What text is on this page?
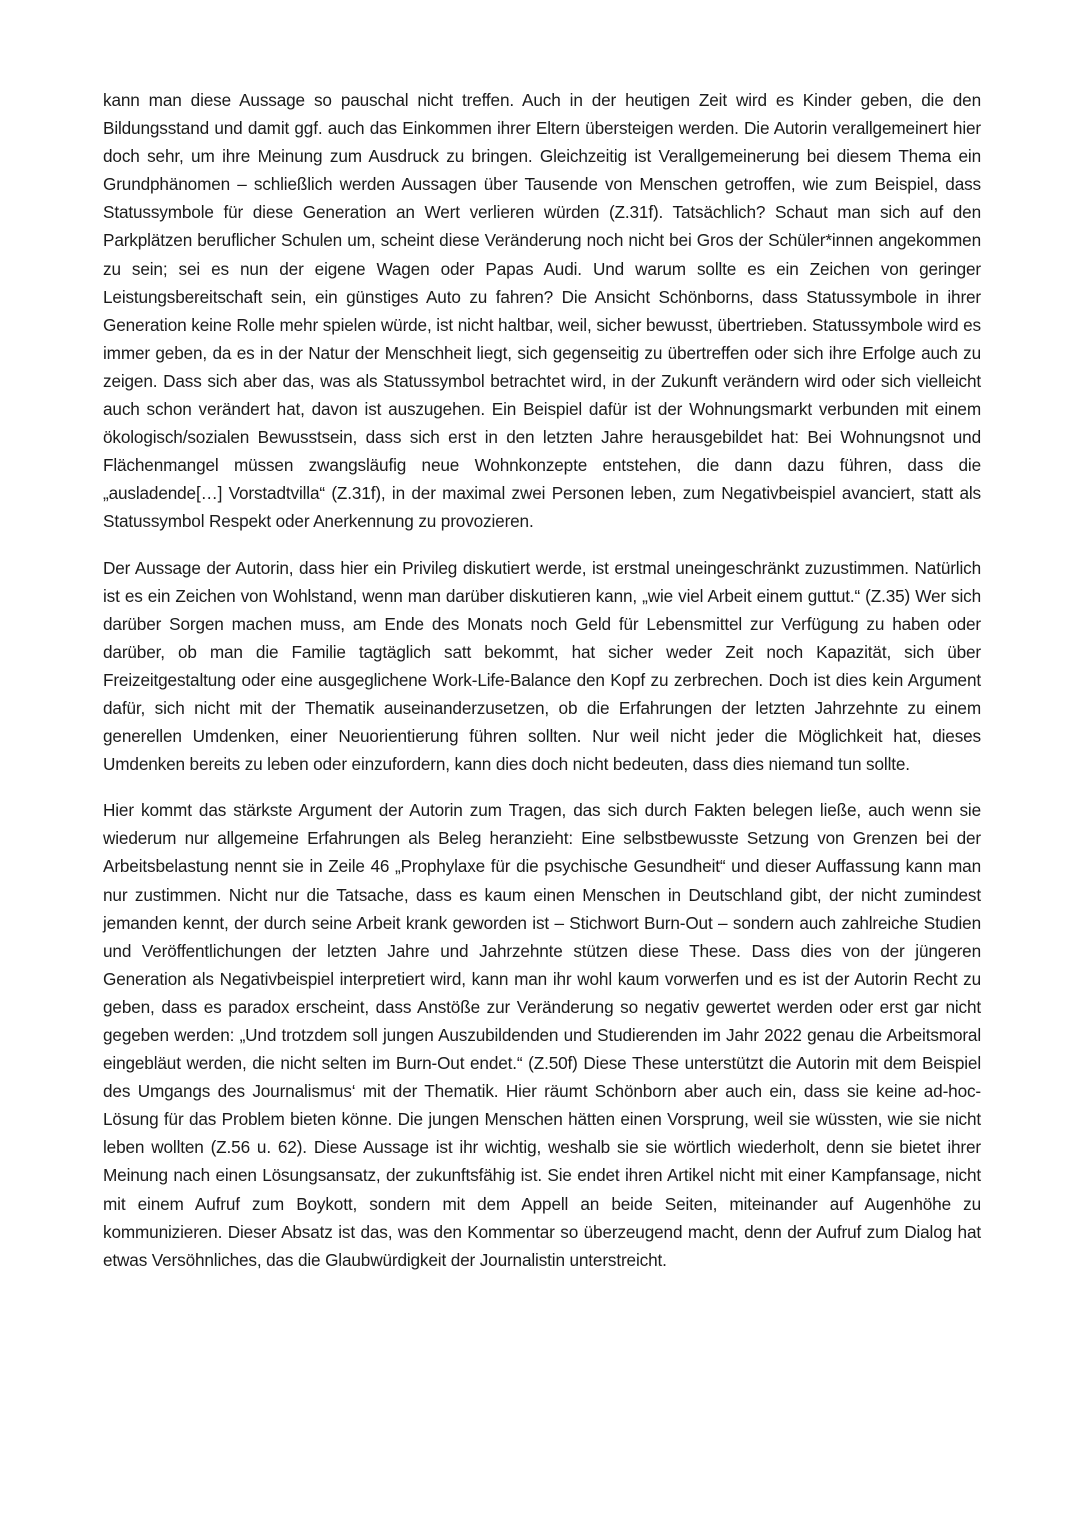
kann man diese Aussage so pauschal nicht treffen. Auch in der heutigen Zeit wird es Kinder geben, die den Bildungsstand und damit ggf. auch das Einkommen ihrer Eltern übersteigen werden. Die Autorin verallgemeinert hier doch sehr, um ihre Meinung zum Ausdruck zu bringen. Gleichzeitig ist Verallgemeinerung bei diesem Thema ein Grundphänomen – schließlich werden Aussagen über Tausende von Menschen getroffen, wie zum Beispiel, dass Statussymbole für diese Generation an Wert verlieren würden (Z.31f). Tatsächlich? Schaut man sich auf den Parkplätzen beruflicher Schulen um, scheint diese Veränderung noch nicht bei Gros der Schüler*innen angekommen zu sein; sei es nun der eigene Wagen oder Papas Audi. Und warum sollte es ein Zeichen von geringer Leistungsbereitschaft sein, ein günstiges Auto zu fahren? Die Ansicht Schönborns, dass Statussymbole in ihrer Generation keine Rolle mehr spielen würde, ist nicht haltbar, weil, sicher bewusst, übertrieben. Statussymbole wird es immer geben, da es in der Natur der Menschheit liegt, sich gegenseitig zu übertreffen oder sich ihre Erfolge auch zu zeigen. Dass sich aber das, was als Statussymbol betrachtet wird, in der Zukunft verändern wird oder sich vielleicht auch schon verändert hat, davon ist auszugehen. Ein Beispiel dafür ist der Wohnungsmarkt verbunden mit einem ökologisch/sozialen Bewusstsein, dass sich erst in den letzten Jahre herausgebildet hat: Bei Wohnungsnot und Flächenmangel müssen zwangsläufig neue Wohnkonzepte entstehen, die dann dazu führen, dass die „ausladende[…] Vorstadtvilla“ (Z.31f), in der maximal zwei Personen leben, zum Negativbeispiel avanciert, statt als Statussymbol Respekt oder Anerkennung zu provozieren.

Der Aussage der Autorin, dass hier ein Privileg diskutiert werde, ist erstmal uneingeschränkt zuzustimmen. Natürlich ist es ein Zeichen von Wohlstand, wenn man darüber diskutieren kann, „wie viel Arbeit einem guttut.“ (Z.35) Wer sich darüber Sorgen machen muss, am Ende des Monats noch Geld für Lebensmittel zur Verfügung zu haben oder darüber, ob man die Familie tagtäglich satt bekommt, hat sicher weder Zeit noch Kapazität, sich über Freizeitgestaltung oder eine ausgeglichene Work-Life-Balance den Kopf zu zerbrechen. Doch ist dies kein Argument dafür, sich nicht mit der Thematik auseinanderzusetzen, ob die Erfahrungen der letzten Jahrzehnte zu einem generellen Umdenken, einer Neuorientierung führen sollten. Nur weil nicht jeder die Möglichkeit hat, dieses Umdenken bereits zu leben oder einzufordern, kann dies doch nicht bedeuten, dass dies niemand tun sollte.

Hier kommt das stärkste Argument der Autorin zum Tragen, das sich durch Fakten belegen ließe, auch wenn sie wiederum nur allgemeine Erfahrungen als Beleg heranzieht: Eine selbstbewusste Setzung von Grenzen bei der Arbeitsbelastung nennt sie in Zeile 46 „Prophylaxe für die psychische Gesundheit“ und dieser Auffassung kann man nur zustimmen. Nicht nur die Tatsache, dass es kaum einen Menschen in Deutschland gibt, der nicht zumindest jemanden kennt, der durch seine Arbeit krank geworden ist – Stichwort Burn-Out – sondern auch zahlreiche Studien und Veröffentlichungen der letzten Jahre und Jahrzehnte stützen diese These. Dass dies von der jüngeren Generation als Negativbeispiel interpretiert wird, kann man ihr wohl kaum vorwerfen und es ist der Autorin Recht zu geben, dass es paradox erscheint, dass Anstöße zur Veränderung so negativ gewertet werden oder erst gar nicht gegeben werden: „Und trotzdem soll jungen Auszubildenden und Studierenden im Jahr 2022 genau die Arbeitsmoral eingebläut werden, die nicht selten im Burn-Out endet.“ (Z.50f) Diese These unterstützt die Autorin mit dem Beispiel des Umgangs des Journalismus‘ mit der Thematik. Hier räumt Schönborn aber auch ein, dass sie keine ad-hoc-Lösung für das Problem bieten könne. Die jungen Menschen hätten einen Vorsprung, weil sie wüssten, wie sie nicht leben wollten (Z.56 u. 62). Diese Aussage ist ihr wichtig, weshalb sie sie wörtlich wiederholt, denn sie bietet ihrer Meinung nach einen Lösungsansatz, der zukunftsfähig ist. Sie endet ihren Artikel nicht mit einer Kampfansage, nicht mit einem Aufruf zum Boykott, sondern mit dem Appell an beide Seiten, miteinander auf Augenhöhe zu kommunizieren. Dieser Absatz ist das, was den Kommentar so überzeugend macht, denn der Aufruf zum Dialog hat etwas Versöhnliches, das die Glaubwürdigkeit der Journalistin unterstreicht.
